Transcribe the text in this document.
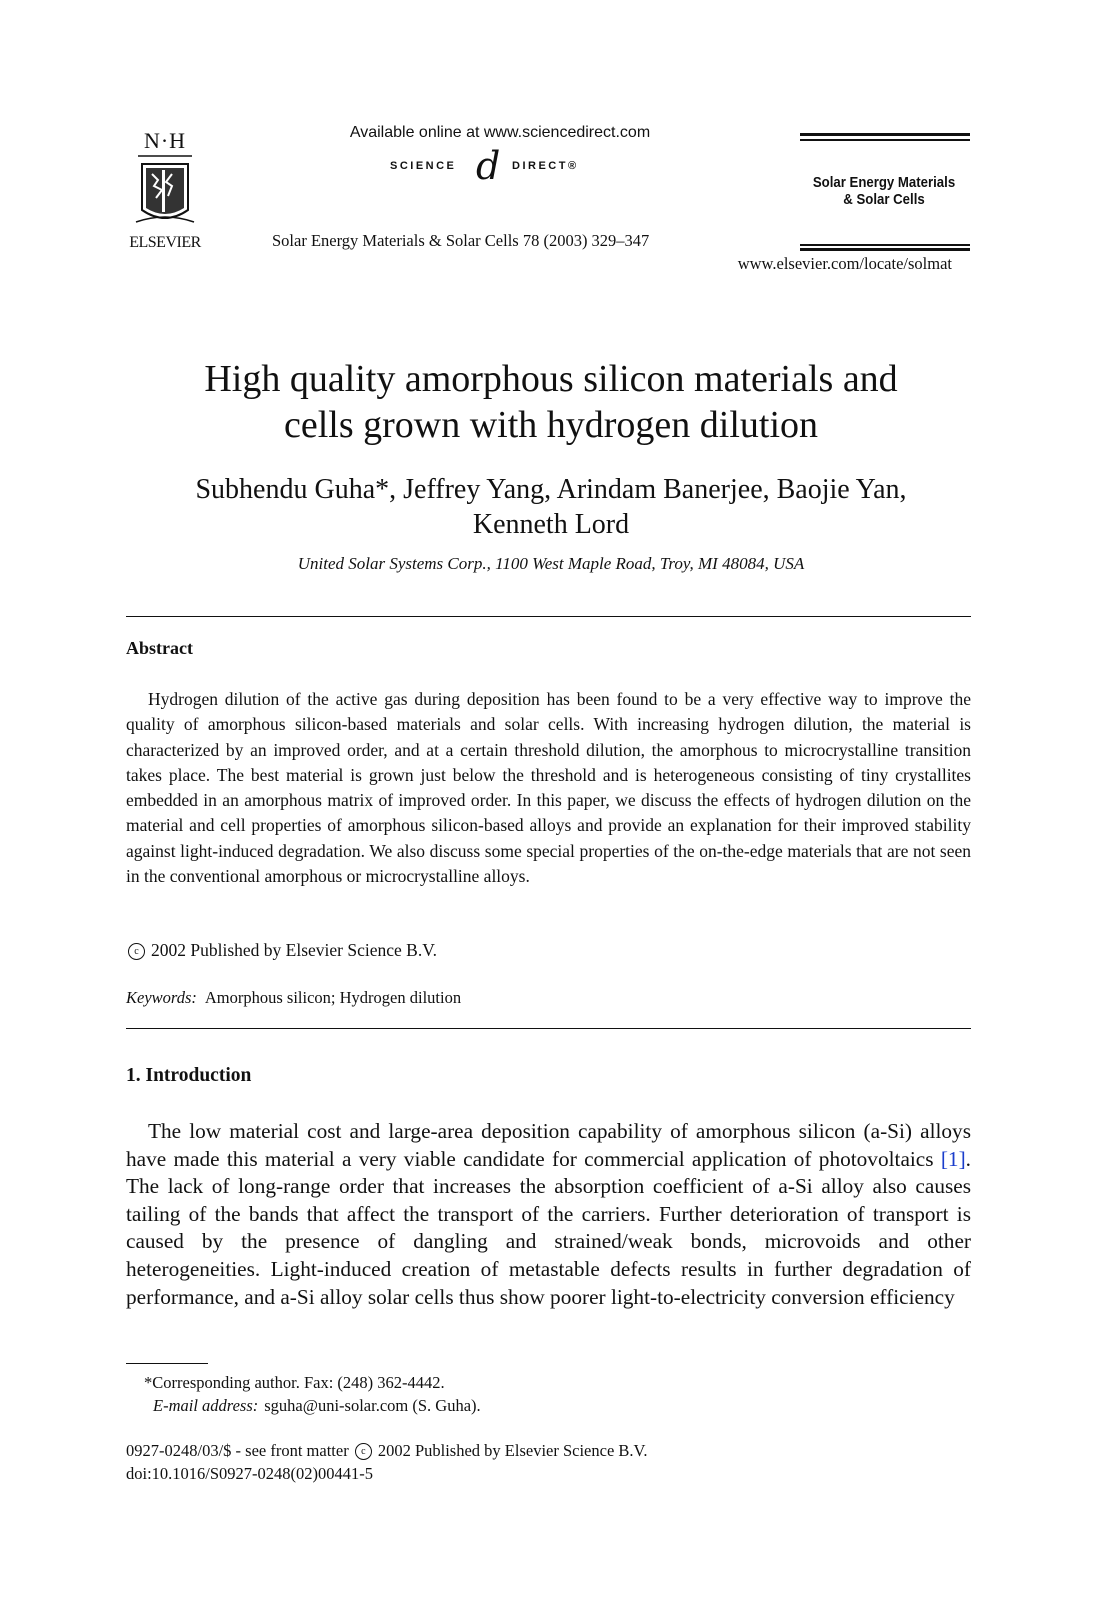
N·H
ELSEVIER
Available online at www.sciencedirect.com
SCIENCE d DIRECT®
Solar Energy Materials & Solar Cells 78 (2003) 329–347
www.elsevier.com/locate/solmat
Solar Energy Materials
& Solar Cells
High quality amorphous silicon materials and
cells grown with hydrogen dilution
Subhendu Guha*, Jeffrey Yang, Arindam Banerjee, Baojie Yan,
Kenneth Lord
United Solar Systems Corp., 1100 West Maple Road, Troy, MI 48084, USA
Abstract

Hydrogen dilution of the active gas during deposition has been found to be a very effective way to improve the quality of amorphous silicon-based materials and solar cells. With increasing hydrogen dilution, the material is characterized by an improved order, and at a certain threshold dilution, the amorphous to microcrystalline transition takes place. The best material is grown just below the threshold and is heterogeneous consisting of tiny crystallites embedded in an amorphous matrix of improved order. In this paper, we discuss the effects of hydrogen dilution on the material and cell properties of amorphous silicon-based alloys and provide an explanation for their improved stability against light-induced degradation. We also discuss some special properties of the on-the-edge materials that are not seen in the conventional amorphous or microcrystalline alloys.

c 2002 Published by Elsevier Science B.V.
Keywords: Amorphous silicon; Hydrogen dilution
1. Introduction

The low material cost and large-area deposition capability of amorphous silicon (a-Si) alloys have made this material a very viable candidate for commercial application of photovoltaics [1]. The lack of long-range order that increases the absorption coefficient of a-Si alloy also causes tailing of the bands that affect the transport of the carriers. Further deterioration of transport is caused by the presence of dangling and strained/weak bonds, microvoids and other heterogeneities. Light-induced creation of metastable defects results in further degradation of performance, and a-Si alloy solar cells thus show poorer light-to-electricity conversion efficiency

*Corresponding author. Fax: (248) 362-4442.
E-mail address: sguha@uni-solar.com (S. Guha).
0927-0248/03/$ - see front matter c 2002 Published by Elsevier Science B.V.
doi:10.1016/S0927-0248(02)00441-5
